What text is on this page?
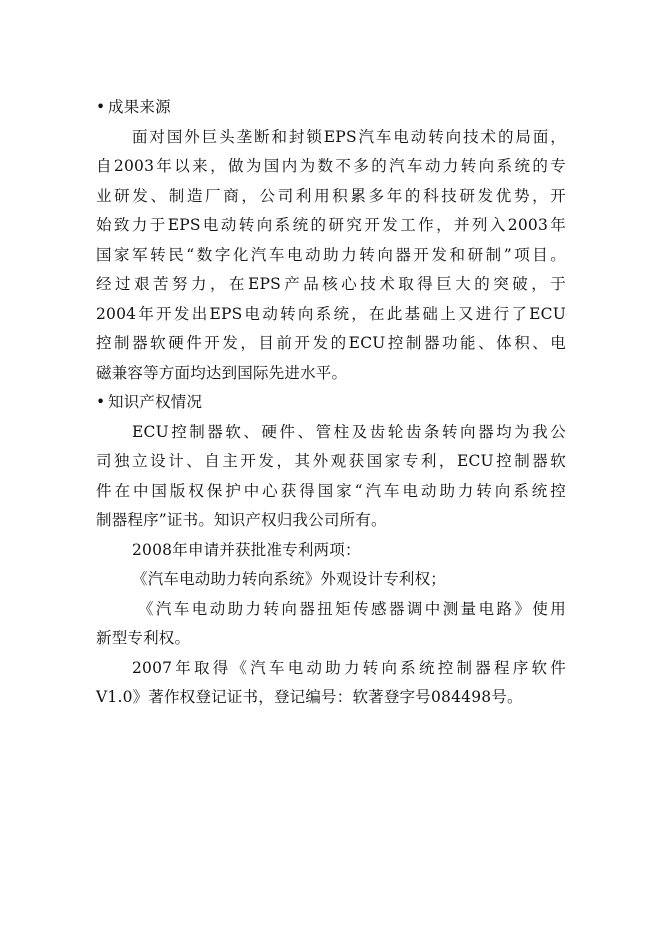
• 成果来源
面对国外巨头垄断和封锁EPS汽车电动转向技术的局面，
自2003年以来，做为国内为数不多的汽车动力转向系统的专
业研发、制造厂商，公司利用积累多年的科技研发优势，开
始致力于EPS电动转向系统的研究开发工作，并列入2003年
国家军转民“数字化汽车电动助力转向器开发和研制”项目。
经过艰苦努力，在EPS产品核心技术取得巨大的突破，于
2004年开发出EPS电动转向系统，在此基础上又进行了ECU
控制器软硬件开发，目前开发的ECU控制器功能、体积、电
磁兼容等方面均达到国际先进水平。
• 知识产权情况
ECU控制器软、硬件、管柱及齿轮齿条转向器均为我公
司独立设计、自主开发，其外观获国家专利，ECU控制器软
件在中国版权保护中心获得国家“汽车电动助力转向系统控
制器程序”证书。知识产权归我公司所有。
2008年申请并获批准专利两项：
《汽车电动助力转向系统》外观设计专利权；
《汽车电动助力转向器扭矩传感器调中测量电路》使用
新型专利权。
2007年取得《汽车电动助力转向系统控制器程序软件
V1.0》著作权登记证书，登记编号：软著登字号084498号。
